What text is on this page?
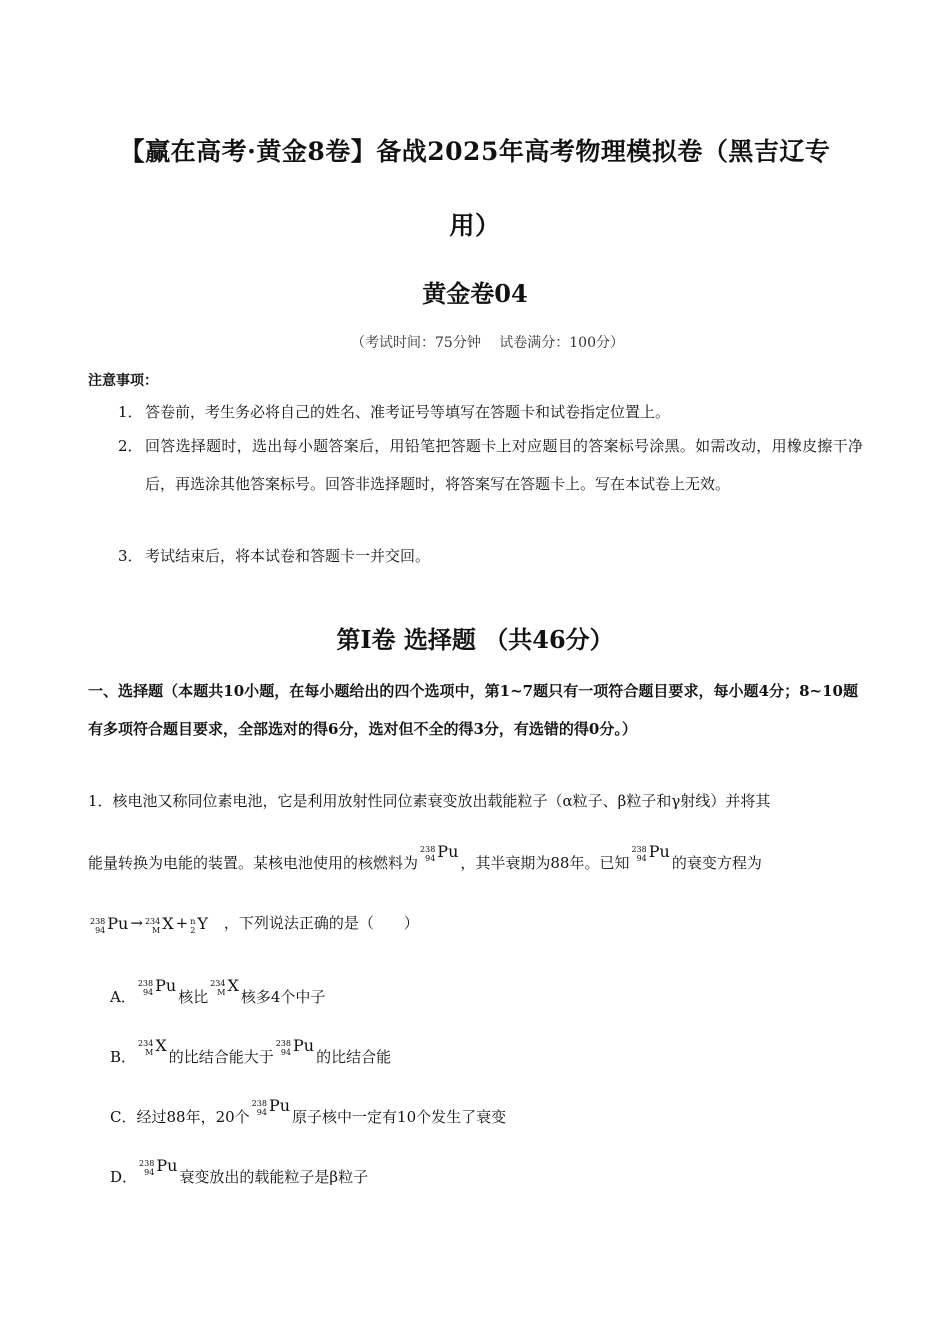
【赢在高考·黄金8卷】备战2025年高考物理模拟卷（黑吉辽专
用）
黄金卷04
（考试时间：75分钟　 试卷满分：100分）
注意事项：
1． 答卷前，考生务必将自己的姓名、准考证号等填写在答题卡和试卷指定位置上。
2． 回答选择题时，选出每小题答案后，用铅笔把答题卡上对应题目的答案标号涂黑。如需改动，用橡皮擦干净后，再选涂其他答案标号。回答非选择题时，将答案写在答题卡上。写在本试卷上无效。
3． 考试结束后，将本试卷和答题卡一并交回。
第Ⅰ卷 选择题 （共46分）
一、选择题（本题共10小题，在每小题给出的四个选项中，第1~7题只有一项符合题目要求，每小题4分；8~10题有多项符合题目要求，全部选对的得6分，选对但不全的得3分，有选错的得0分。）
1．核电池又称同位素电池，它是利用放射性同位素衰变放出载能粒子（α粒子、β粒子和γ射线）并将其
能量转换为电能的装置。某核电池使用的核燃料为
238
94 Pu，其半衰期为88年。已知
238
94 Pu的衰变方程为
238
94 Pu → 234
M X + n
2 Y ，下列说法正确的是（　　）
A．
238
94 Pu核比
234
M X核多4个中子
B．
234
M X的比结合能大于
238
94 Pu的比结合能
C．经过88年，20个
238
94 Pu原子核中一定有10个发生了衰变
D．
238
94 Pu衰变放出的载能粒子是β粒子
